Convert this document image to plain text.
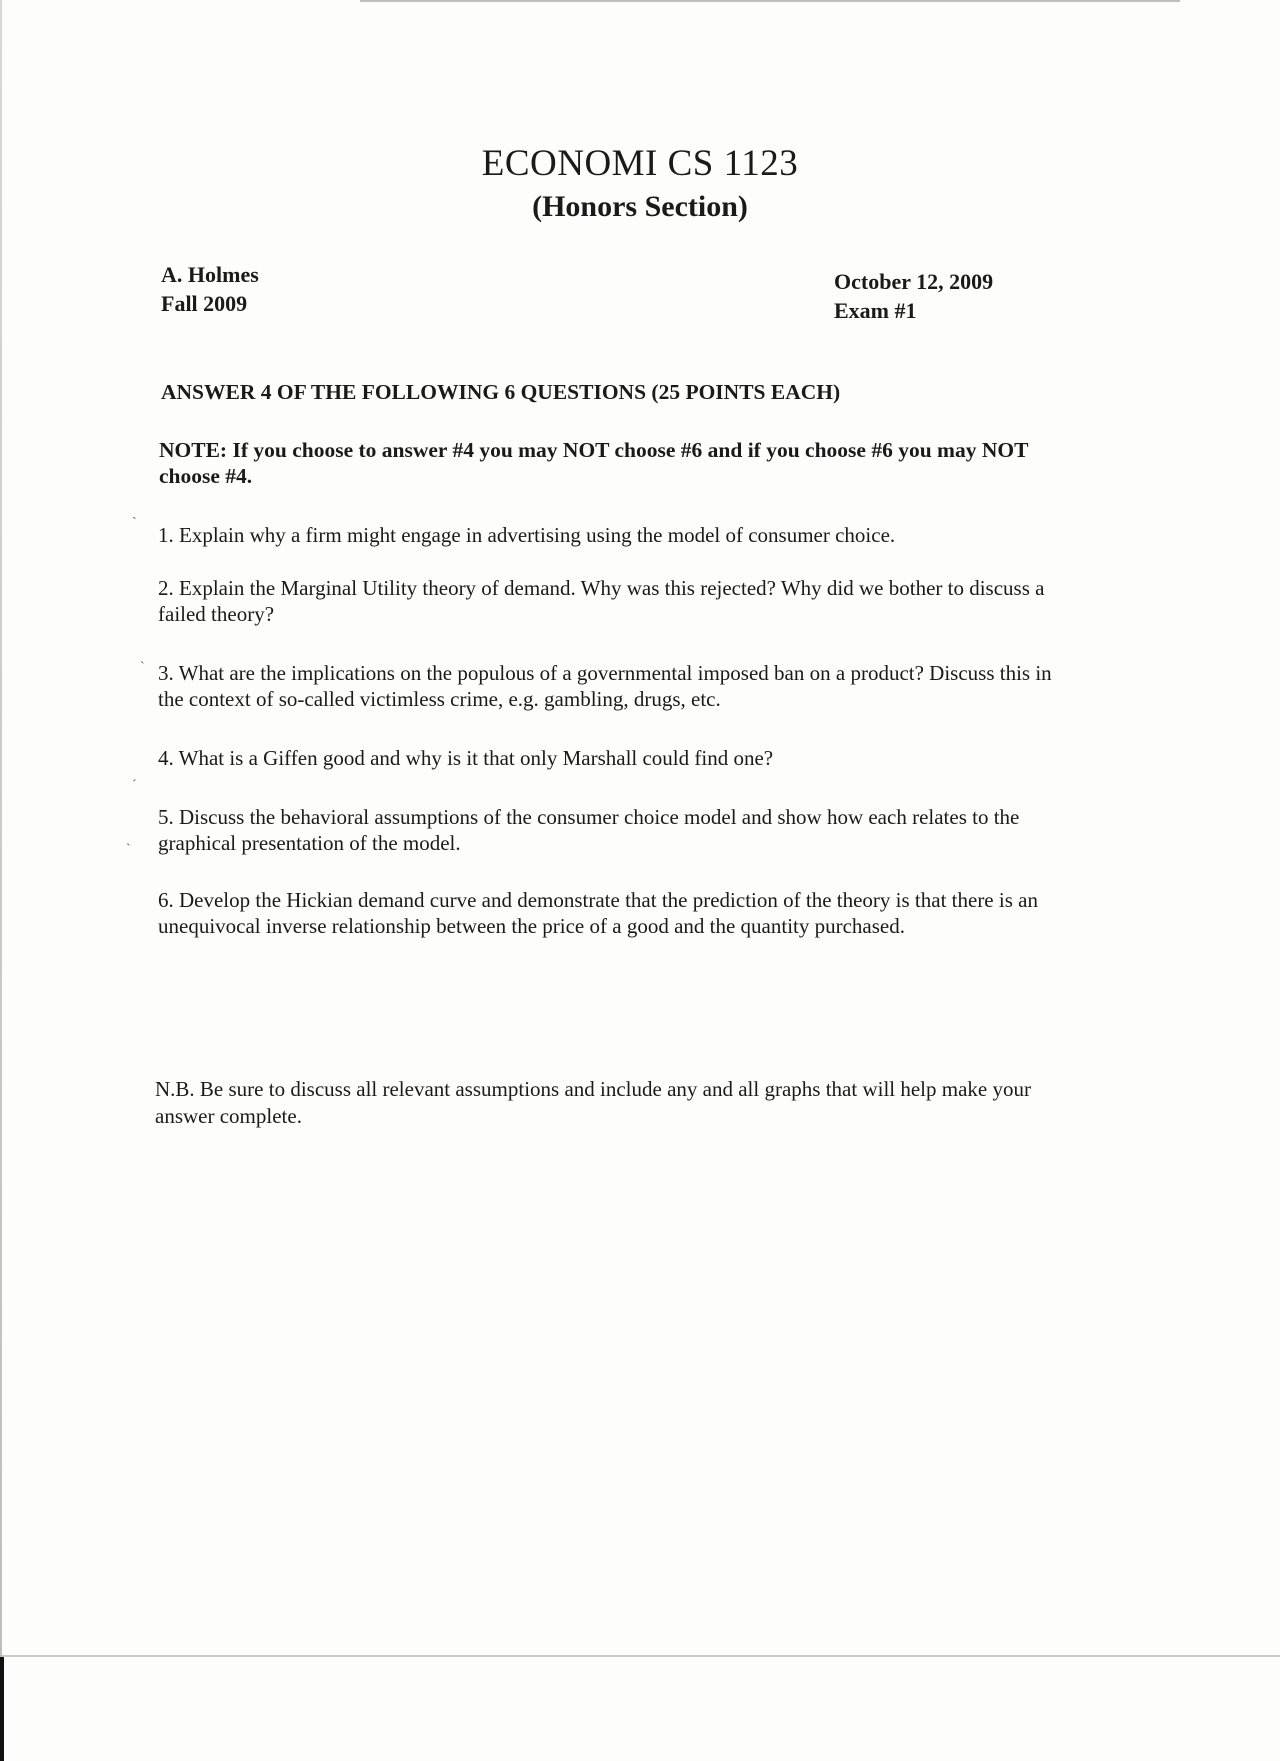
ˎ
ˋ
ˊ
˴
ECONOMI CS 1123
(Honors Section)
A. Holmes
Fall 2009
October 12, 2009
Exam #1
ANSWER 4 OF THE FOLLOWING 6 QUESTIONS (25 POINTS EACH)
NOTE: If you choose to answer #4 you may NOT choose #6 and if you choose #6 you may NOT choose #4.
1. Explain why a firm might engage in advertising using the model of consumer choice.
2. Explain the Marginal Utility theory of demand. Why was this rejected? Why did we bother to discuss a failed theory?
3. What are the implications on the populous of a governmental imposed ban on a product? Discuss this in the context of so-called victimless crime, e.g. gambling, drugs, etc.
4. What is a Giffen good and why is it that only Marshall could find one?
5. Discuss the behavioral assumptions of the consumer choice model and show how each relates to the graphical presentation of the model.
6. Develop the Hickian demand curve and demonstrate that the prediction of the theory is that there is an unequivocal inverse relationship between the price of a good and the quantity purchased.
N.B. Be sure to discuss all relevant assumptions and include any and all graphs that will help make your answer complete.
